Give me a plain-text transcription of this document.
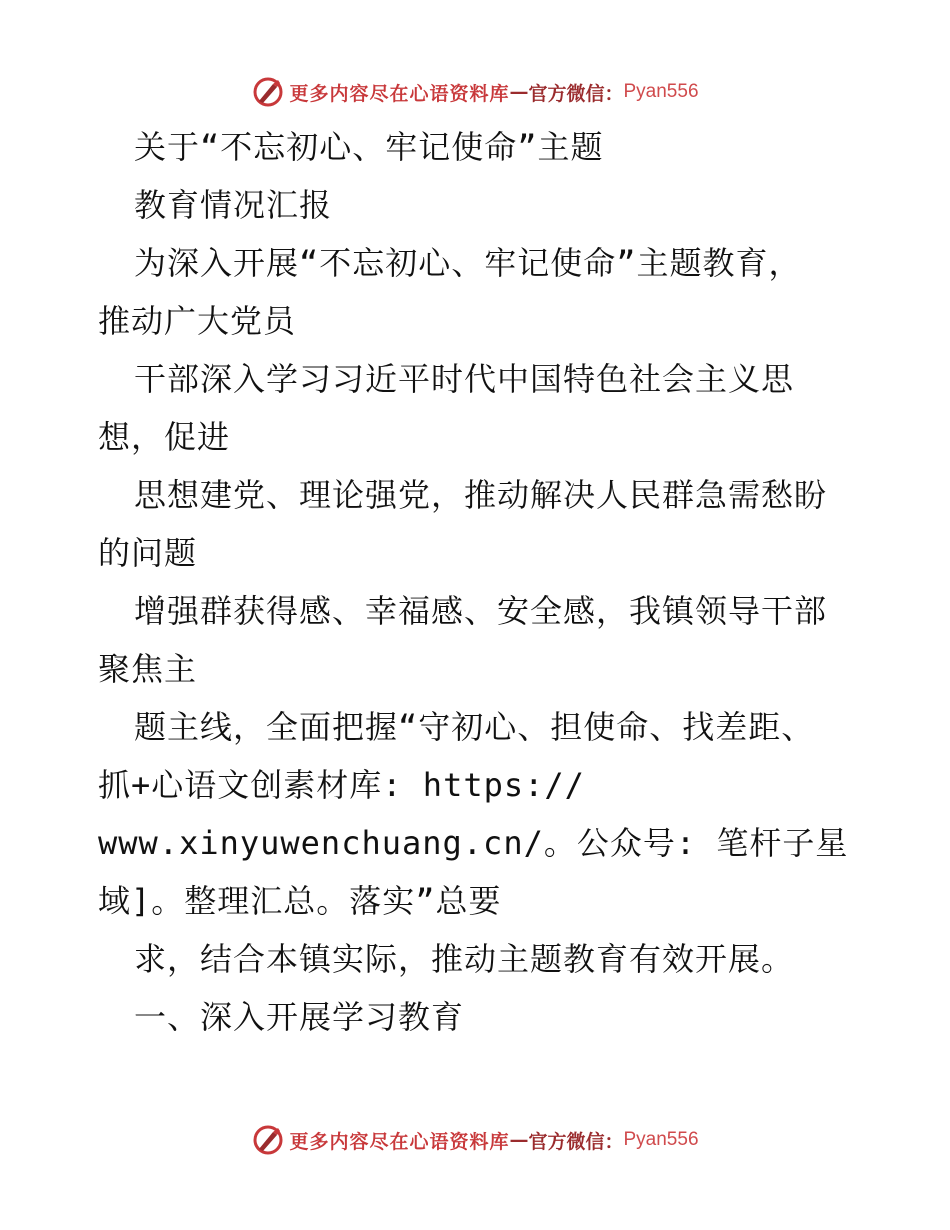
更多内容尽在心语资料库 — 官方微信： Pyan556
关于“不忘初心、牢记使命”主题
教育情况汇报
为深入开展“不忘初心、牢记使命”主题教育，
推动广大党员
干部深入学习习近平时代中国特色社会主义思
想，促进
思想建党、理论强党，推动解决人民群急需愁盼
的问题
增强群获得感、幸福感、安全感，我镇领导干部
聚焦主
题主线，全面把握“守初心、担使命、找差距、
抓+心语文创素材库: https://
www.xinyuwenchuang.cn/。公众号: 笔杆子星
域]。整理汇总。落实”总要
求，结合本镇实际，推动主题教育有效开展。
一、深入开展学习教育
更多内容尽在心语资料库 — 官方微信： Pyan556
